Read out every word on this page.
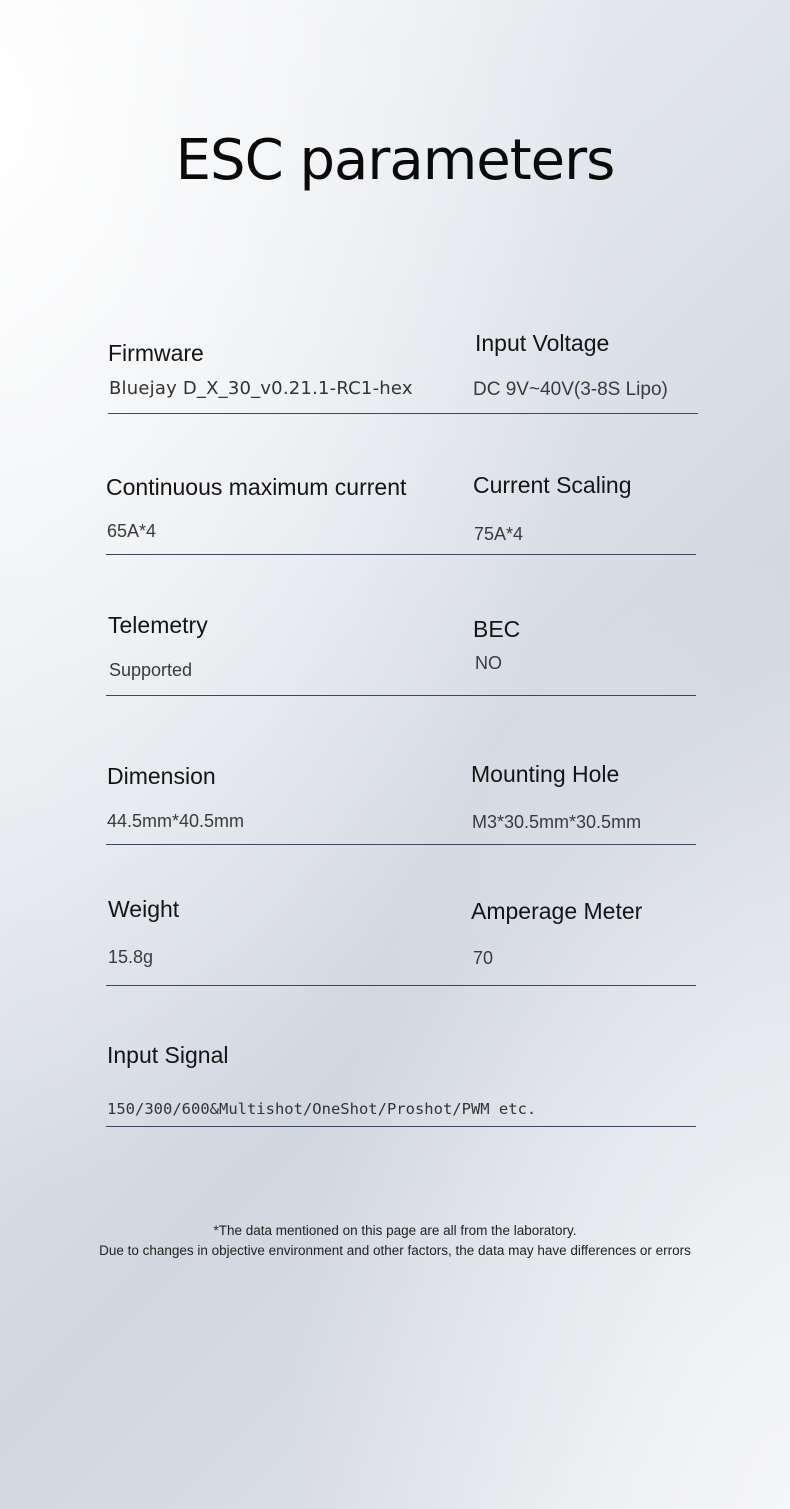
ESC parameters
Firmware
Bluejay D_X_30_v0.21.1-RC1-hex
Input Voltage
DC 9V~40V(3-8S Lipo)
Continuous maximum current
65A*4
Current Scaling
75A*4
Telemetry
Supported
BEC
NO
Dimension
44.5mm*40.5mm
Mounting Hole
M3*30.5mm*30.5mm
Weight
15.8g
Amperage Meter
70
Input Signal
150/300/600&Multishot/OneShot/Proshot/PWM etc.
*The data mentioned on this page are all from the laboratory.
Due to changes in objective environment and other factors, the data may have differences or errors
